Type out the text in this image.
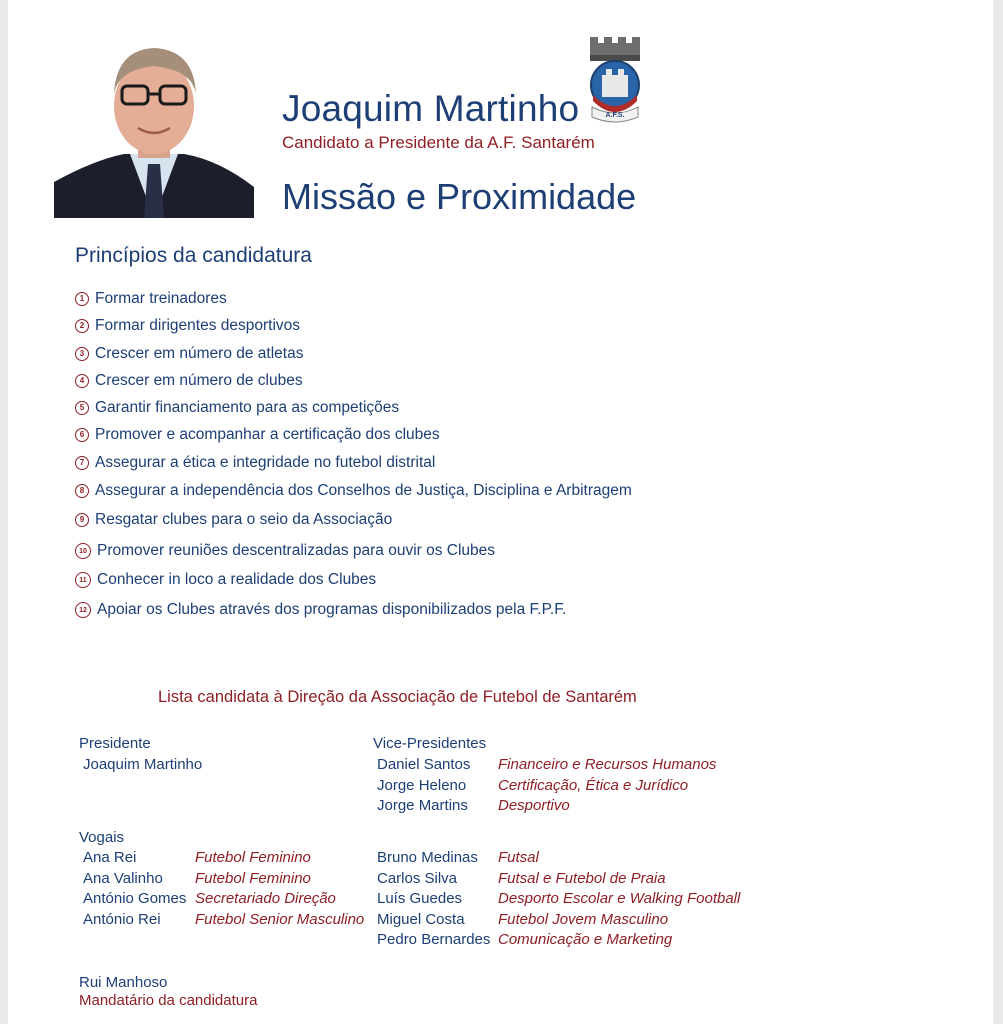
A.F.S.
Joaquim Martinho
Candidato a Presidente da A.F. Santarém
Missão e Proximidade
Princípios da candidatura
1 Formar treinadores
2 Formar dirigentes desportivos
3 Crescer em número de atletas
4 Crescer em número de clubes
5 Garantir financiamento para as competições
6 Promover e acompanhar a certificação dos clubes
7 Assegurar a ética e integridade no futebol distrital
8 Assegurar a independência dos Conselhos de Justiça, Disciplina e Arbitragem
9 Resgatar clubes para o seio da Associação
10 Promover reuniões descentralizadas para ouvir os Clubes
11 Conhecer in loco a realidade dos Clubes
12 Apoiar os Clubes através dos programas disponibilizados pela F.P.F.
Lista candidata à Direção da Associação de Futebol de Santarém
Presidente
Joaquim Martinho
Vice-Presidentes
Daniel Santos Financeiro e Recursos Humanos
Jorge Heleno Certificação, Ética e Jurídico
Jorge Martins Desportivo
Vogais
Ana Rei	Futebol Feminino
Ana Valinho Futebol Feminino
António Gomes Secretariado Direção
António Rei Futebol Senior Masculino
Bruno Medinas Futsal
Carlos Silva	Futsal e Futebol de Praia
Luís Guedes Desporto Escolar e Walking Football
Miguel Costa Futebol Jovem Masculino
Pedro Bernardes Comunicação e Marketing
Rui Manhoso
Mandatário da candidatura
